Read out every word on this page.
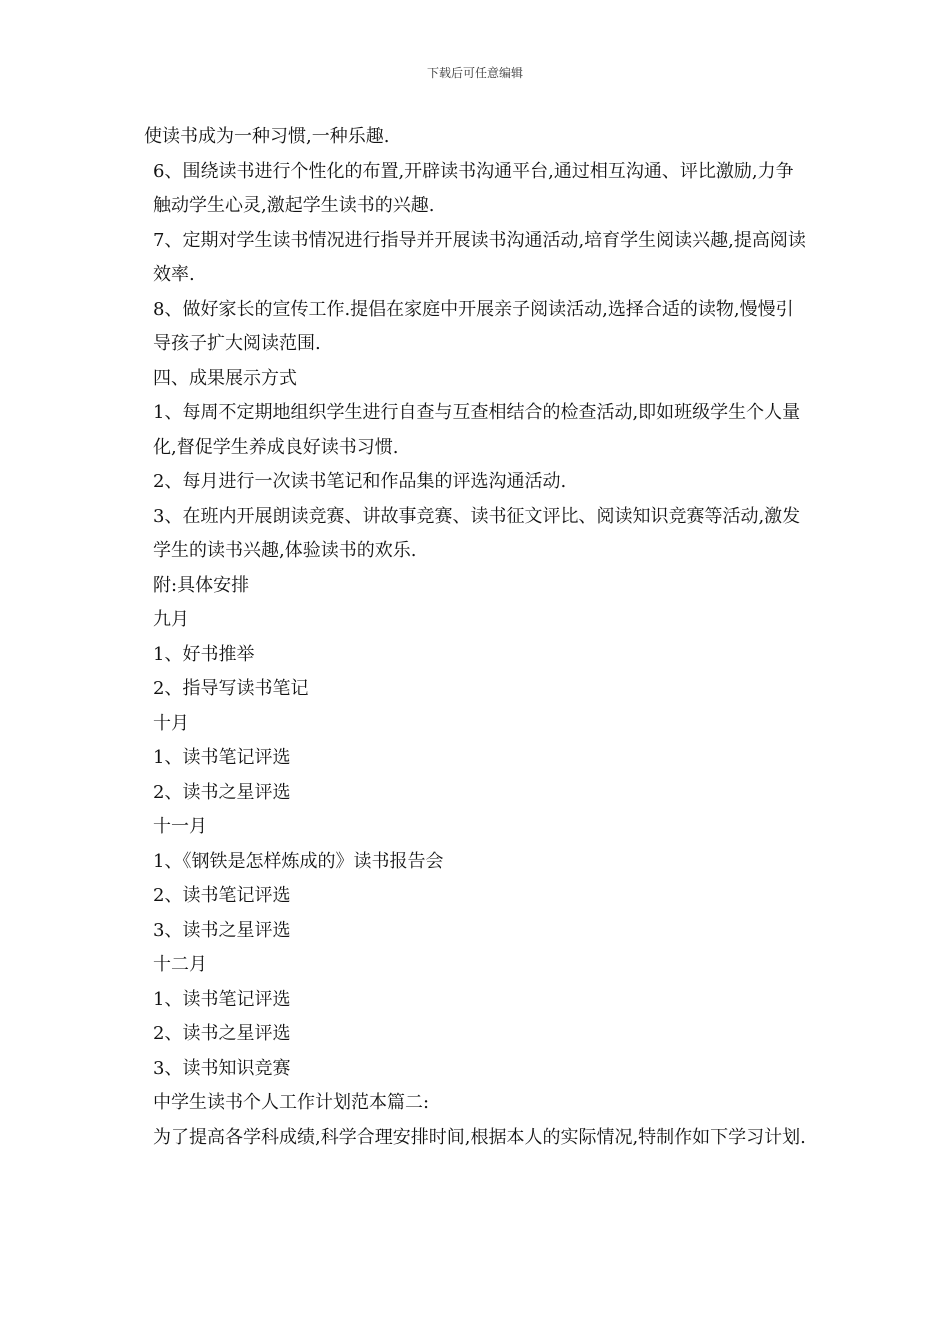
下载后可任意编辑

使读书成为一种习惯,一种乐趣.

6、围绕读书进行个性化的布置,开辟读书沟通平台,通过相互沟通、评比激励,力争触动学生心灵,激起学生读书的兴趣.

7、定期对学生读书情况进行指导并开展读书沟通活动,培育学生阅读兴趣,提高阅读效率.

8、做好家长的宣传工作.提倡在家庭中开展亲子阅读活动,选择合适的读物,慢慢引导孩子扩大阅读范围.

四、成果展示方式

1、每周不定期地组织学生进行自查与互查相结合的检查活动,即如班级学生个人量化,督促学生养成良好读书习惯.

2、每月进行一次读书笔记和作品集的评选沟通活动.

3、在班内开展朗读竞赛、讲故事竞赛、读书征文评比、阅读知识竞赛等活动,激发学生的读书兴趣,体验读书的欢乐.

附:具体安排

九月

1、好书推举

2、指导写读书笔记

十月

1、读书笔记评选

2、读书之星评选

十一月

1、《钢铁是怎样炼成的》读书报告会

2、读书笔记评选

3、读书之星评选

十二月

1、读书笔记评选

2、读书之星评选

3、读书知识竞赛

中学生读书个人工作计划范本篇二:

为了提高各学科成绩,科学合理安排时间,根据本人的实际情况,特制作如下学习计划.
